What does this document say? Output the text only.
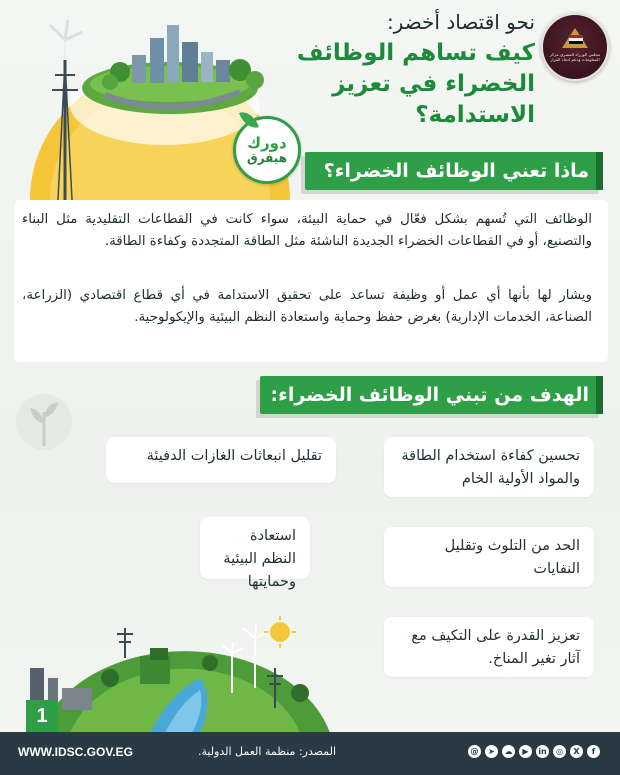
مجلس الوزراء المصري مركز المعلومات ودعم اتخاذ القرار
نحو اقتصاد أخضر:
كيف تساهم الوظائف الخضراء في تعزيز الاستدامة؟
دورك
هيفرق
الوظائف التي تُسهم بشكل فعّال في حماية البيئة، سواء كانت في القطاعات التقليدية مثل البناء والتصنيع، أو في القطاعات الخضراء الجديدة الناشئة مثل الطاقة المتجددة وكفاءة الطاقة.
ويشار لها بأنها أي عمل أو وظيفة تساعد على تحقيق الاستدامة في أي قطاع اقتصادي (الزراعة، الصناعة، الخدمات الإدارية) بغرض حفظ وحماية واستعادة النظم البيئية والإيكولوجية.
ماذا تعني الوظائف الخضراء؟
الهدف من تبني الوظائف الخضراء:
تحسين كفاءة استخدام الطاقة والمواد الأولية الخام
تقليل انبعاثات الغازات الدفيئة
الحد من التلوث وتقليل النفايات
استعادة النظم البيئية وحمايتها
تعزيز القدرة على التكيف مع آثار تغير المناخ.
1
WWW.IDSC.GOV.EG	المصدر: منظمة العمل الدولية.	@	➤	☁	▶	in	◎	X	f
